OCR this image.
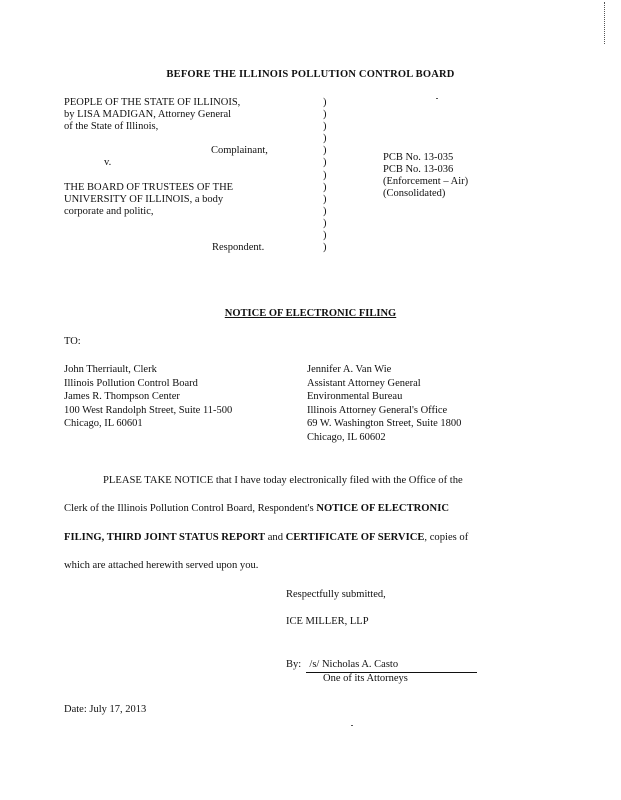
BEFORE THE ILLINOIS POLLUTION CONTROL BOARD
PEOPLE OF THE STATE OF ILLINOIS,
by LISA MADIGAN, Attorney General
of the State of Illinois,
Complainant,
v.
THE BOARD OF TRUSTEES OF THE
UNIVERSITY OF ILLINOIS, a body
corporate and politic,
Respondent.
)
)
)
)
)
)
)
)
)
)
)
)
)
PCB No. 13-035
PCB No. 13-036
(Enforcement – Air)
(Consolidated)
NOTICE OF ELECTRONIC FILING
TO:
John Therriault, Clerk
Illinois Pollution Control Board
James R. Thompson Center
100 West Randolph Street, Suite 11-500
Chicago, IL 60601
Jennifer A. Van Wie
Assistant Attorney General
Environmental Bureau
Illinois Attorney General's Office
69 W. Washington Street, Suite 1800
Chicago, IL 60602
PLEASE TAKE NOTICE that I have today electronically filed with the Office of the
Clerk of the Illinois Pollution Control Board, Respondent's NOTICE OF ELECTRONIC
FILING, THIRD JOINT STATUS REPORT and CERTIFICATE OF SERVICE, copies of
which are attached herewith served upon you.
Respectfully submitted,
ICE MILLER, LLP
By: /s/ Nicholas A. Casto
One of its Attorneys
Date: July 17, 2013
